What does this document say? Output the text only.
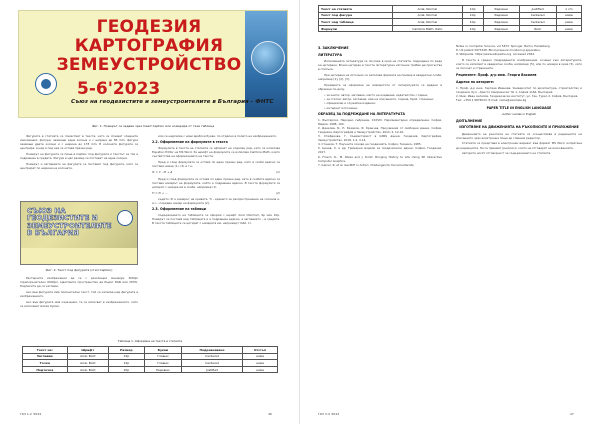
ГЕОДЕЗИЯ
КАРТОГРАФИЯ
ЗЕМЕУСТРОЙСТВО
5-6'2023
Съюз на геодезистите и земеустроителите в България – ФНТС
Фиг. 1. Номерът се задава чрез Insert Caption или номерира от тази таблица

Фигурите в статията се поместват в текста, като се спазват следните изисквания: фигури, заемащи една колона и с ширина до 86 mm, фигури заемащи двете колони и с ширина до 178 mm. В колоната фигурата се центрира, а над и под нея се оставя празен ред.

Номерът на фигурата се пише в Caption под фигурата и текстът за тях е подравнен в средата. Фигури в цял размер се поставят на една колона.

Номерът и заглавието на фигурата се поставят под фигурата, като се центрират по ширина на колоната.

СЪЮЗ НА ГЕОДЕЗИСТИТЕ И ЗЕМЕУСТРОИТЕЛИТЕ В БЪЛГАРИЯ
Фиг. 2. Текст под фигурата (стил Caption)

Растерните изображения да са с резолюция минимум 300dpi (препоръчително 600dpi). Цветовите пространства да бъдат RGB или CMYK. Надписите да са четливи.

Ако във фигурата има пояснителен текст, той се изписва над фигурата в изображението.

Ако във фигурата има означения, те се изписват в изображението, като се използват малки букви.

или се надписва с нови арабски букви, по отделно в полето на изображението.

2.2. Оформление на формулите в текста

Формулите в текста на статията се оформят на отделен ред, като се използва Equation Editor на MS Word. За шрифт на формулите се използва Cambria Math, което съответства на оформлението на текста.

Пред и след формулата се оставя по един празен ред, като в скоби вдясно се поставя номер (1), (2) и т.н.

f1 = C . f2 + Δ	(1)

Пред и след формулата се оставя по един празен ред, като в скобите вдясно се поставя номерът на формулата, който е подравнен вдясно. В текста формулите се цитират с номера им в скоби, например (1).

Fi = Pi + ...	(2)

където: Pi е номерът на кривата, Ti – времето за разпространение на сигнала и, а n – пореден номер на формулата [2].

2.3. Оформление на таблици

Съдържанието на таблиците се оформя с шрифт Arial (Normal), 9p или 10p. Номерът се поставя над таблицата и е подравнен вдясно, а заглавието – в средата. В текста таблиците се цитират с номерата им, например (табл. 1).

Таблица 1. Оформяне на текста в статията
Текст на:	Шрифт	Размер	Букви	Подравняване	Отстъп
Заглавие	Arial, Bold	12p	Главни	Centered	няма
Точка	Arial, Bold	12p	Главни	Centered	няма
Подточка	Arial, Bold	10p	Редовни	Justified	няма
ГКЗ 1-2 '2024	46
Текст на статията	Arial, Normal	10p	Редовни	Justified	1 cm
Текст под фигура	Arial, Normal	10p	Редовни	Centered	няма
Текст над таблица	Arial, Normal	10p	Редовни	Centered	няма
Формули	Cambria Math, Italic	10p	Редовни	Italic	няма
3. ЗАКЛЮЧЕНИЕ
ЛИТЕРАТУРА

Използваната литература се посочва в края на статията, подредена по реда на цитиране. Всеки цитиран в текста литературен източник трябва да присъства в списъка.

При цитиране на източник се използва формата на пример в квадратни скоби, например [1], [2], [3].

Примерите за оформяне на елементите от литературата са дадени в образеца по-долу.

• за книги: автор, заглавие, място на издаване, издателство, година;
• за статии: автор, заглавие, име на списанието, година, брой, страници;
• официални и служебни издания;
• интернет източници.
ОБРАЗЕЦ ЗА ПОДРЕЖДАНЕ НА ЛИТЕРАТУРАТА
1. Български. Народно събрание, XXXVIII. Парламентарно определение. София, Медия, 1998, 100.
2. Данкова, Б., Н. Казаков, Ф. Кранчев. Проучвания от свободни данни. София, Геодезия, Картография и Земеустройство, 2014, 2, 12-16.
3. Стефанова, Г. Съвместимост в GNSS данни. Геодезия, Картография, Земеустройство, 2018, 1-2, 3-14.
4. Станков, Т. Научните основи на геодезията. София, Техника, 1985.
5. Цонев, Х. и др. Тримерни модели за геодезически данни. София, Геодезия, 2017.
6. Frosch, D., M. Weiss and J. Dodd. Bringing History to Life Using 3D Interactive Computer Graphics.
7. Geiner, R. et al. GeoPDF in Action: Challenges for Documentarists.
Notes in: Computer Science, vol 5873. Springer, Berlin, Heidelberg.
8. US patent 5975348. Blind pressure monitoring apparatus.
9. Wikipedia. https://www.wikipedia.org. Accessed 2024.

В текста в средно (подредените) изображения, сочещи към литературата, които се изписват в квадратни скоби, например [5], или по номера в края (5), като се посочат и страниците.

Рецензент: Проф. д-р инж. Георги Василев
Адреси на авторите:
1. Проф. д-р инж. Гергана Иванова, Университет по архитектура, строителство и геодезия, бул. „Христо Смирненски“ № 1, София 1164, България.
2. Инж. Иван Ангелов, Геодезически институт, ул. Ген. Гурко 2, София, България.
Тел: +359 2 9876543. E-mail: name@example.bg
PAPER TITLE IN ENGLISH LANGUAGE
Author names in English
ДОПЪЛНЕНИЕ
ИЗГОТВЯНЕ НА ДВИЖЕНИЯТА НА РЪКОПИСИТЕ И ПРИЛОЖЕНИЕ

Движението на ръкописа на статията се осъществява в редакцията на списанието чрез електронна поща до главния редактор.

Статията се представя в електронен вариант във формат MS Word, изпратена до редакцията. Не се приемат ръкописи, които не отговарят на изискванията.

Авторите носят отговорност за съдържанието на статията.

ГКЗ 3-4 '2024	47
